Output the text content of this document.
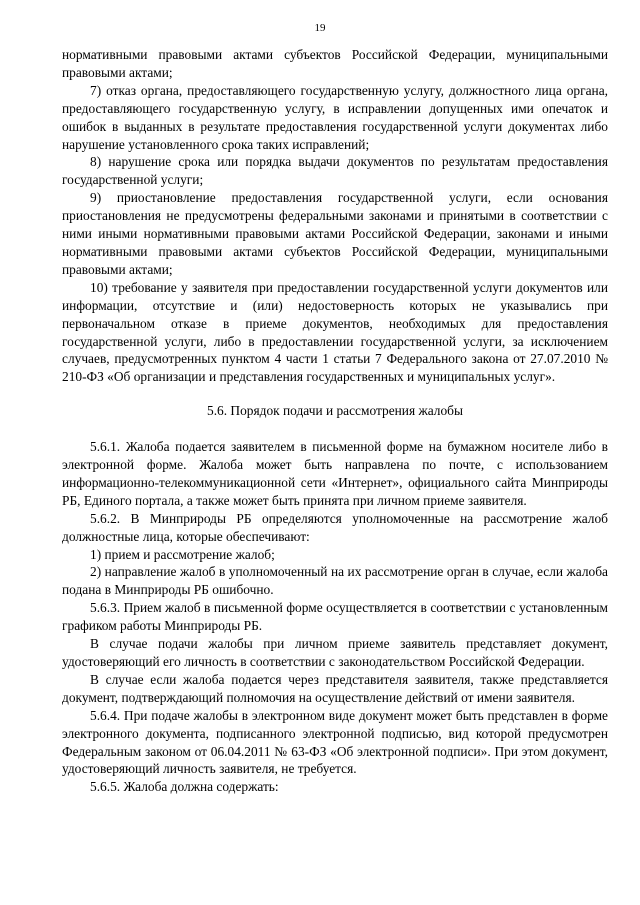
19

нормативными правовыми актами субъектов Российской Федерации, муниципальными правовыми актами;

7) отказ органа, предоставляющего государственную услугу, должностного лица органа, предоставляющего государственную услугу, в исправлении допущенных ими опечаток и ошибок в выданных в результате предоставления государственной услуги документах либо нарушение установленного срока таких исправлений;

8) нарушение срока или порядка выдачи документов по результатам предоставления государственной услуги;

9) приостановление предоставления государственной услуги, если основания приостановления не предусмотрены федеральными законами и принятыми в соответствии с ними иными нормативными правовыми актами Российской Федерации, законами и иными нормативными правовыми актами субъектов Российской Федерации, муниципальными правовыми актами;

10) требование у заявителя при предоставлении государственной услуги документов или информации, отсутствие и (или) недостоверность которых не указывались при первоначальном отказе в приеме документов, необходимых для предоставления государственной услуги, либо в предоставлении государственной услуги, за исключением случаев, предусмотренных пунктом 4 части 1 статьи 7 Федерального закона от 27.07.2010 № 210-ФЗ «Об организации и представления государственных и муниципальных услуг».

5.6. Порядок подачи и рассмотрения жалобы

5.6.1. Жалоба подается заявителем в письменной форме на бумажном носителе либо в электронной форме. Жалоба может быть направлена по почте, с использованием информационно-телекоммуникационной сети «Интернет», официального сайта Минприроды РБ, Единого портала, а также может быть принята при личном приеме заявителя.

5.6.2. В Минприроды РБ определяются уполномоченные на рассмотрение жалоб должностные лица, которые обеспечивают:

1) прием и рассмотрение жалоб;

2) направление жалоб в уполномоченный на их рассмотрение орган в случае, если жалоба подана в Минприроды РБ ошибочно.

5.6.3. Прием жалоб в письменной форме осуществляется в соответствии с установленным графиком работы Минприроды РБ.

В случае подачи жалобы при личном приеме заявитель представляет документ, удостоверяющий его личность в соответствии с законодательством Российской Федерации.

В случае если жалоба подается через представителя заявителя, также представляется документ, подтверждающий полномочия на осуществление действий от имени заявителя.

5.6.4. При подаче жалобы в электронном виде документ может быть представлен в форме электронного документа, подписанного электронной подписью, вид которой предусмотрен Федеральным законом от 06.04.2011 № 63-ФЗ «Об электронной подписи». При этом документ, удостоверяющий личность заявителя, не требуется.

5.6.5. Жалоба должна содержать:
